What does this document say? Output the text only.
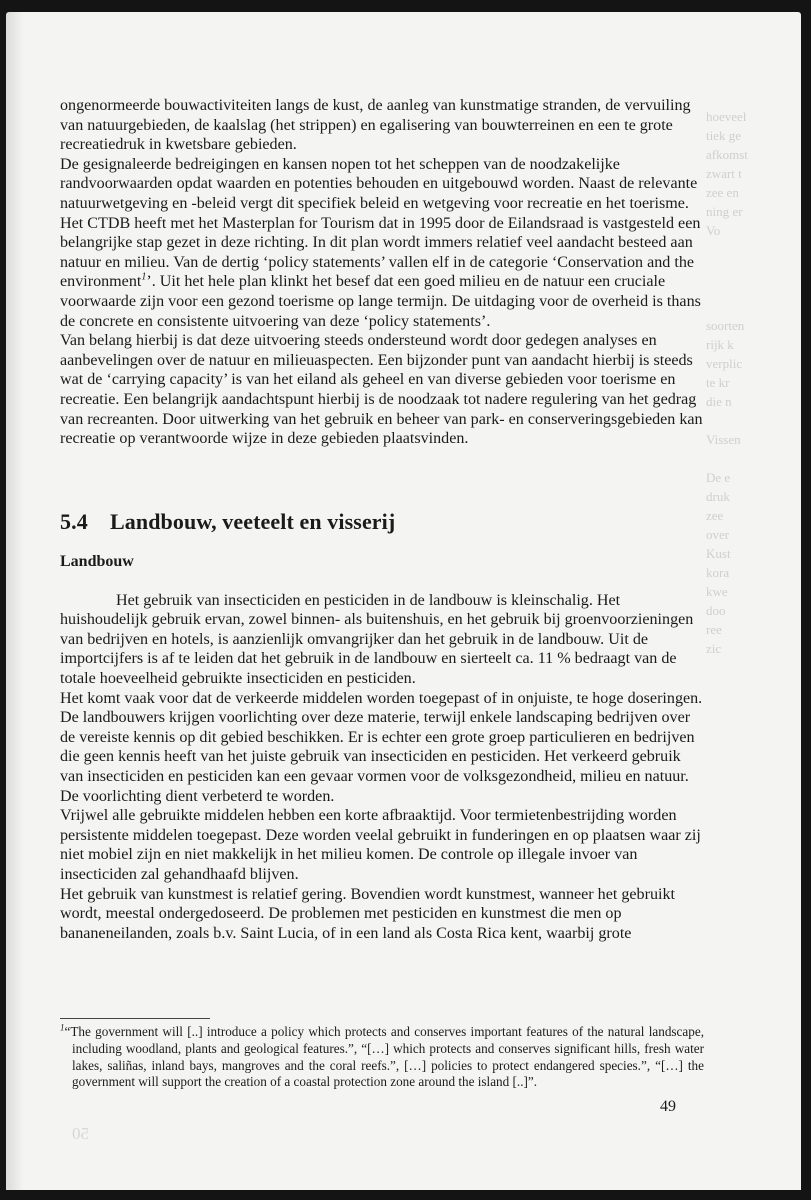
hoeveel
tiek ge
afkomst
zwart t
zee en
ning er
Vo
soorten
rijk k
verplic
te kr
die n
Vissen
De e
druk
zee
over
Kust
kora
kwe
doo
ree
zic
50

ongenormeerde bouwactiviteiten langs de kust, de aanleg van kunstmatige stranden, de vervuiling van natuurgebieden, de kaalslag (het strippen) en egalisering van bouwterreinen en een te grote recreatiedruk in kwetsbare gebieden.

De gesignaleerde bedreigingen en kansen nopen tot het scheppen van de noodzakelijke randvoorwaarden opdat waarden en potenties behouden en uitgebouwd worden. Naast de relevante natuurwetgeving en -beleid vergt dit specifiek beleid en wetgeving voor recreatie en het toerisme. Het CTDB heeft met het Masterplan for Tourism dat in 1995 door de Eilandsraad is vastgesteld een belangrijke stap gezet in deze richting. In dit plan wordt immers relatief veel aandacht besteed aan natuur en milieu. Van de dertig ‘policy statements’ vallen elf in de categorie ‘Conservation and the environment$^1$’. Uit het hele plan klinkt het besef dat een goed milieu en de natuur een cruciale voorwaarde zijn voor een gezond toerisme op lange termijn. De uitdaging voor de overheid is thans de concrete en consistente uitvoering van deze ‘policy statements’.

Van belang hierbij is dat deze uitvoering steeds ondersteund wordt door gedegen analyses en aanbevelingen over de natuur en milieuaspecten. Een bijzonder punt van aandacht hierbij is steeds wat de ‘carrying capacity’ is van het eiland als geheel en van diverse gebieden voor toerisme en recreatie. Een belangrijk aandachtspunt hierbij is de noodzaak tot nadere regulering van het gedrag van recreanten. Door uitwerking van het gebruik en beheer van park- en conserveringsgebieden kan recreatie op verantwoorde wijze in deze gebieden plaatsvinden.

5.4 Landbouw, veeteelt en visserij
Landbouw

Het gebruik van insecticiden en pesticiden in de landbouw is kleinschalig. Het huishoudelijk gebruik ervan, zowel binnen- als buitenshuis, en het gebruik bij groenvoorzieningen van bedrijven en hotels, is aanzienlijk omvangrijker dan het gebruik in de landbouw. Uit de importcijfers is af te leiden dat het gebruik in de landbouw en sierteelt ca. 11 % bedraagt van de totale hoeveelheid gebruikte insecticiden en pesticiden.

Het komt vaak voor dat de verkeerde middelen worden toegepast of in onjuiste, te hoge doseringen. De landbouwers krijgen voorlichting over deze materie, terwijl enkele landscaping bedrijven over de vereiste kennis op dit gebied beschikken. Er is echter een grote groep particulieren en bedrijven die geen kennis heeft van het juiste gebruik van insecticiden en pesticiden. Het verkeerd gebruik van insecticiden en pesticiden kan een gevaar vormen voor de volksgezondheid, milieu en natuur. De voorlichting dient verbeterd te worden.

Vrijwel alle gebruikte middelen hebben een korte afbraaktijd. Voor termietenbestrijding worden persistente middelen toegepast. Deze worden veelal gebruikt in funderingen en op plaatsen waar zij niet mobiel zijn en niet makkelijk in het milieu komen. De controle op illegale invoer van insecticiden zal gehandhaafd blijven.

Het gebruik van kunstmest is relatief gering. Bovendien wordt kunstmest, wanneer het gebruikt wordt, meestal ondergedoseerd. De problemen met pesticiden en kunstmest die men op bananeneilanden, zoals b.v. Saint Lucia, of in een land als Costa Rica kent, waarbij grote

$^1$“The government will [..] introduce a policy which protects and conserves important features of the natural landscape, including woodland, plants and geological features.”, “[…] which protects and conserves significant hills, fresh water lakes, saliñas, inland bays, mangroves and the coral reefs.”, […] policies to protect endangered species.”, “[…] the government will support the creation of a coastal protection zone around the island [..]”.
49
